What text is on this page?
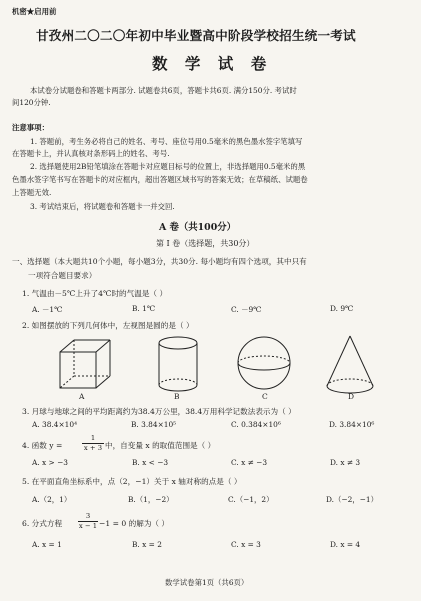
机密★启用前
甘孜州二〇二〇年初中毕业暨高中阶段学校招生统一考试
数 学 试 卷
本试卷分试题卷和答题卡两部分. 试题卷共6页，答题卡共6页. 满分150分. 考试时
间120分钟.
注意事项：
1. 答题前，考生务必将自己的姓名、考号、座位号用0.5毫米的黑色墨水签字笔填写
在答题卡上，并认真核对条形码上的姓名、考号.
2. 选择题使用2B铅笔填涂在答题卡对应题目标号的位置上，非选择题用0.5毫米的黑
色墨水签字笔书写在答题卡的对应框内，超出答题区域书写的答案无效；在草稿纸、试题卷
上答题无效.
3. 考试结束后，将试题卷和答题卡一并交回.
A 卷（共100分）
第 I 卷（选择题，共30分）
一、选择题（本大题共10个小题，每小题3分，共30分. 每小题均有四个选项，其中只有
一项符合题目要求）
1. 气温由－5℃上升了4℃时的气温是（ ）
A. －1℃	B. 1℃	C. －9℃	D. 9℃
2. 如图摆放的下列几何体中，左视图是圆的是（ ）
A	B	C	D
3. 月球与地球之间的平均距离约为38.4万公里，38.4万用科学记数法表示为（ ）
A. 38.4×10⁴	B. 3.84×10⁵	C. 0.384×10⁶	D. 3.84×10⁶
4. 函数 y =	$\frac{1}{x + 3}$ 中，自变量 x 的取值范围是（ ）
A. x > −3	B. x < −3	C. x ≠ −3	D. x ≠ 3
5. 在平面直角坐标系中，点（2，−1）关于 x 轴对称的点是（ ）
A.（2，1）	B.（1，−2）	C.（−1，2）	D.（−2，−1）
6. 分式方程 $\frac{3}{x - 1} -1 = 0$ 的解为（ ）
A. x = 1	B. x = 2	C. x = 3	D. x = 4
数学试卷第1页（共6页）
